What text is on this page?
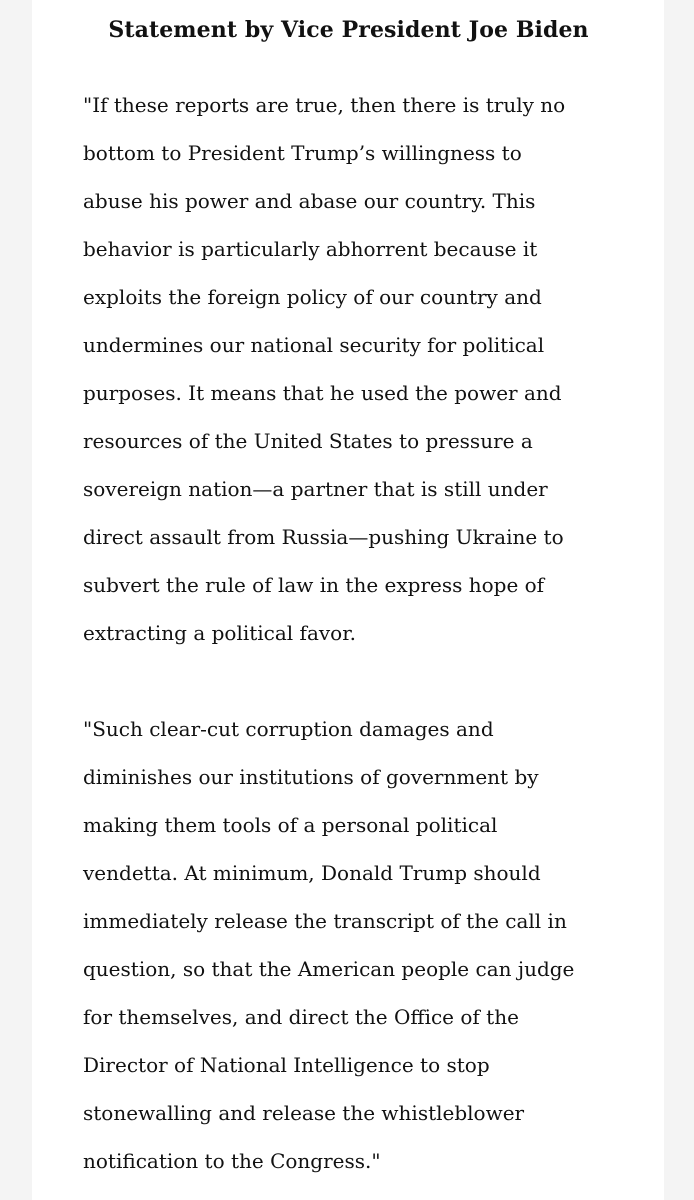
Statement by Vice President Joe Biden

"If these reports are true, then there is truly no
bottom to President Trump’s willingness to
abuse his power and abase our country. This
behavior is particularly abhorrent because it
exploits the foreign policy of our country and
undermines our national security for political
purposes. It means that he used the power and
resources of the United States to pressure a
sovereign nation—a partner that is still under
direct assault from Russia—pushing Ukraine to
subvert the rule of law in the express hope of
extracting a political favor.

"Such clear-cut corruption damages and
diminishes our institutions of government by
making them tools of a personal political
vendetta. At minimum, Donald Trump should
immediately release the transcript of the call in
question, so that the American people can judge
for themselves, and direct the Office of the
Director of National Intelligence to stop
stonewalling and release the whistleblower
notification to the Congress."
